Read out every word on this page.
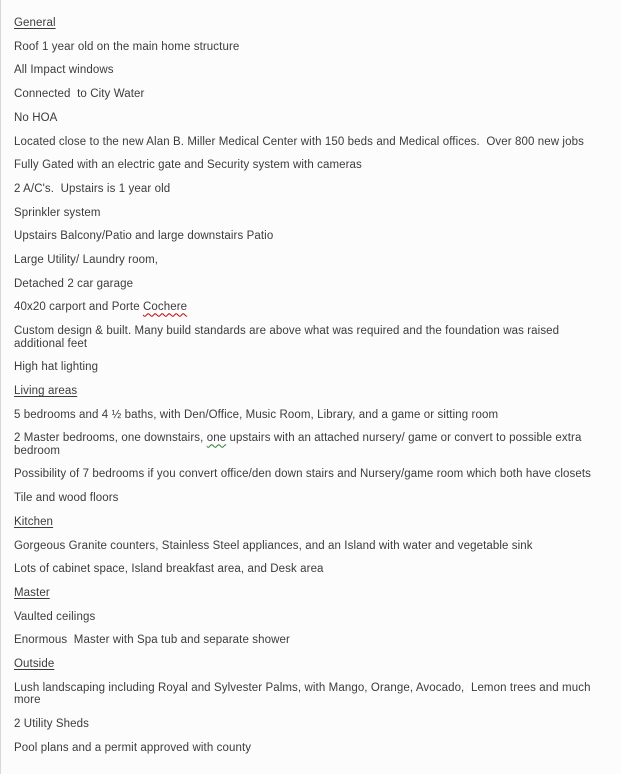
General

Roof 1 year old on the main home structure

All Impact windows

Connected  to City Water

No HOA

Located close to the new Alan B. Miller Medical Center with 150 beds and Medical offices.  Over 800 new jobs

Fully Gated with an electric gate and Security system with cameras

2 A/C's.  Upstairs is 1 year old

Sprinkler system

Upstairs Balcony/Patio and large downstairs Patio

Large Utility/ Laundry room,

Detached 2 car garage

40x20 carport and Porte Cochere

Custom design & built. Many build standards are above what was required and the foundation was raised additional feet

High hat lighting

Living areas

5 bedrooms and 4 ½ baths, with Den/Office, Music Room, Library, and a game or sitting room

2 Master bedrooms, one downstairs, one upstairs with an attached nursery/ game or convert to possible extra bedroom

Possibility of 7 bedrooms if you convert office/den down stairs and Nursery/game room which both have closets

Tile and wood floors

Kitchen

Gorgeous Granite counters, Stainless Steel appliances, and an Island with water and vegetable sink

Lots of cabinet space, Island breakfast area, and Desk area

Master

Vaulted ceilings

Enormous  Master with Spa tub and separate shower

Outside

Lush landscaping including Royal and Sylvester Palms, with Mango, Orange, Avocado,  Lemon trees and much more

2 Utility Sheds

Pool plans and a permit approved with county
